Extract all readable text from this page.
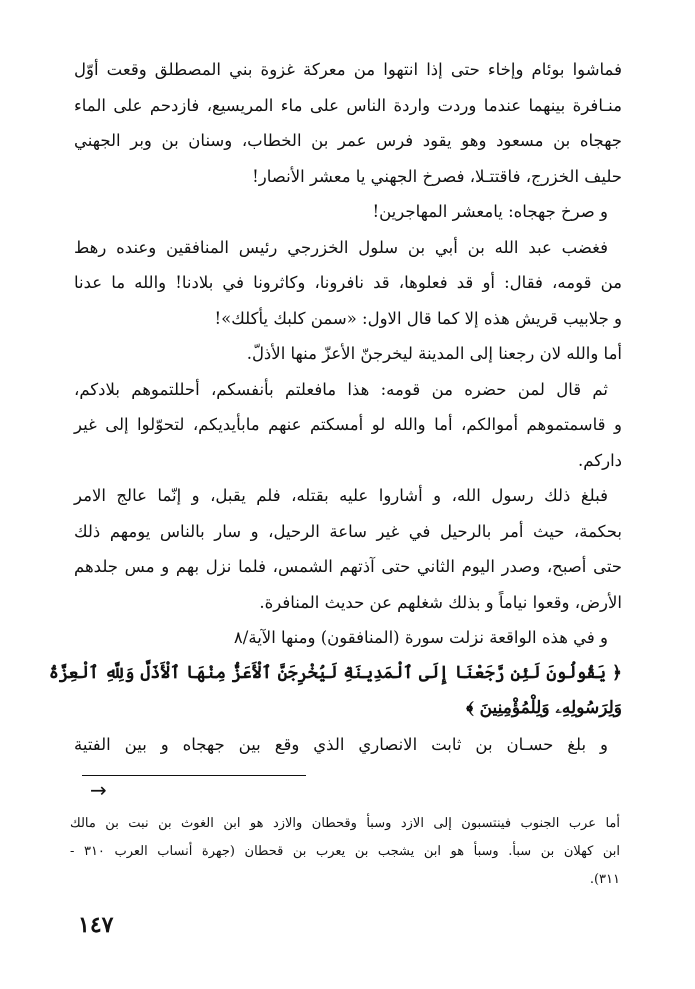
فماشوا بوئام وإخاء حتى إذا انتهوا من معركة غزوة بني المصطلق وقعت أوّل
منـافرة بينهما عندما وردت واردة الناس على ماء المريسيع، فازدحم على الماء
جهجاه بن مسعود وهو يقود فرس عمر بن الخطاب، وسنان بن وبر الجهني
حليف الخزرج، فاقتتـلا، فصرخ الجهني يا معشر الأنصار!
و صرخ جهجاه: يامعشر المهاجرين!
فغضب عبد الله بن أبي بن سلول الخزرجي رئيس المنافقين وعنده رهط
من قومه، فقال: أو قد فعلوها، قد نافرونا، وكاثرونا في بلادنا! والله ما عدنا
و جلابيب قريش هذه إلا كما قال الاول: «سمن كلبك يأكلك»!
أما والله لان رجعنا إلى المدينة ليخرجنّ الأعزّ منها الأذلّ.
ثم قال لمن حضره من قومه: هذا مافعلتم بأنفسكم، أحللتموهم بلادكم،
و قاسمتموهم أموالكم، أما والله لو أمسكتم عنهم مابأيديكم، لتحوّلوا إلى غير
داركم.
فبلغ ذلك رسول الله، و أشاروا عليه بقتله، فلم يقبل، و إنّما عالج الامر
بحكمة، حيث أمر بالرحيل في غير ساعة الرحيل، و سار بالناس يومهم ذلك
حتى أصبح، وصدر اليوم الثاني حتى آذتهم الشمس، فلما نزل بهم و مس جلدهم
الأرض، وقعوا نياماً و بذلك شغلهم عن حديث المنافرة.
و في هذه الواقعة نزلت سورة (المنافقون) ومنها الآية/٨
﴿ يَقُولُونَ لَئِن رَّجَعْنَا إِلَى ٱلْمَدِينَةِ لَيُخْرِجَنَّ ٱلْأَعَزُّ مِنْهَا ٱلْأَذَلَّ وَلِلَّهِ ٱلْعِزَّةُ
وَلِرَسُولِهِۦ وَلِلْمُؤْمِنِينَ ﴾
و بلغ حسـان بن ثابت الانصاري الذي وقع بين جهجاه و بين الفتية
→
أما عرب الجنوب فينتسبون إلى الازد وسبأ وقحطان والازد هو ابن الغوث بن نبت بن مالك
ابن كهلان بن سبأ. وسبأ هو ابن يشجب بن يعرب بن قحطان (جهرة أنساب العرب ٣١٠ -
٣١١).
١٤٧
